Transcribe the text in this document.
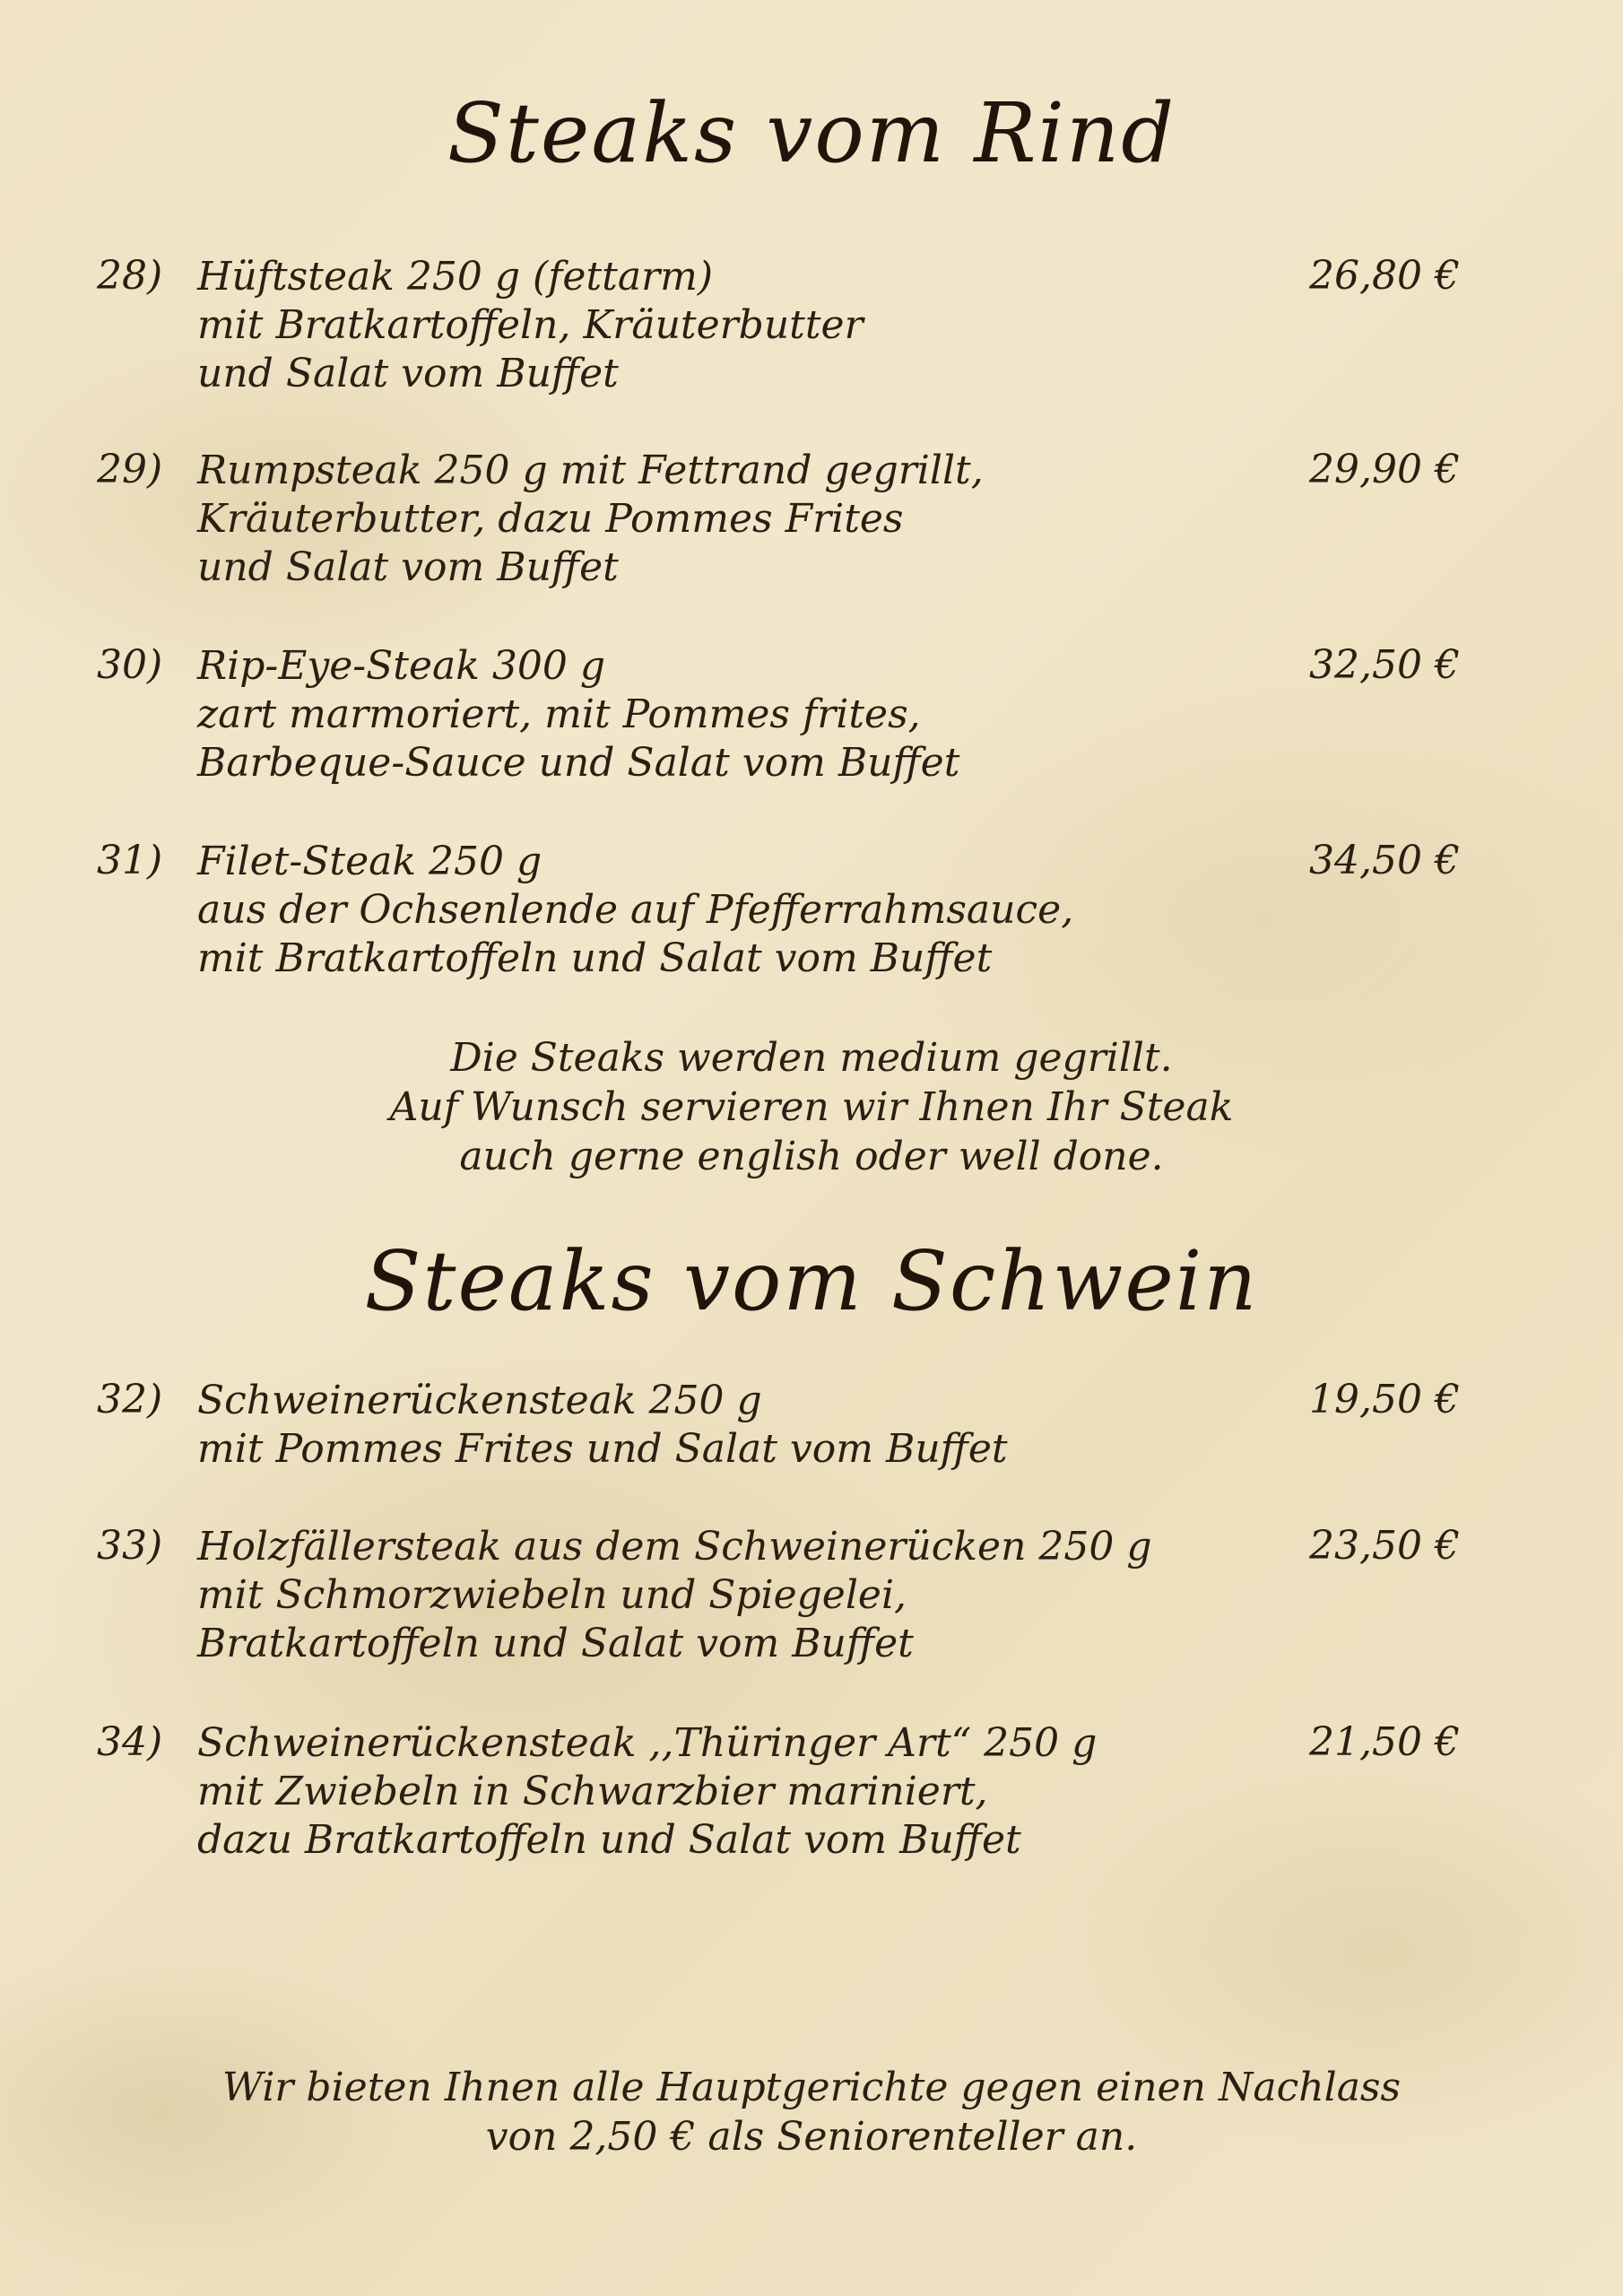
Steaks vom Rind
28) Hüftsteak 250 g (fettarm)
mit Bratkartoffeln, Kräuterbutter
und Salat vom Buffet
26,80 €
29) Rumpsteak 250 g mit Fettrand gegrillt,
Kräuterbutter, dazu Pommes Frites
und Salat vom Buffet
29,90 €
30) Rip-Eye-Steak 300 g
zart marmoriert, mit Pommes frites,
Barbeque-Sauce und Salat vom Buffet
32,50 €
31) Filet-Steak 250 g
aus der Ochsenlende auf Pfefferrahmsauce,
mit Bratkartoffeln und Salat vom Buffet
34,50 €
Die Steaks werden medium gegrillt.
Auf Wunsch servieren wir Ihnen Ihr Steak
auch gerne english oder well done.
Steaks vom Schwein
32) Schweinerückensteak 250 g
mit Pommes Frites und Salat vom Buffet
19,50 €
33) Holzfällersteak aus dem Schweinerücken 250 g
mit Schmorzwiebeln und Spiegelei,
Bratkartoffeln und Salat vom Buffet
23,50 €
34) Schweinerückensteak ,,Thüringer Art“ 250 g
mit Zwiebeln in Schwarzbier mariniert,
dazu Bratkartoffeln und Salat vom Buffet
21,50 €
Wir bieten Ihnen alle Hauptgerichte gegen einen Nachlass
von 2,50 € als Seniorenteller an.
